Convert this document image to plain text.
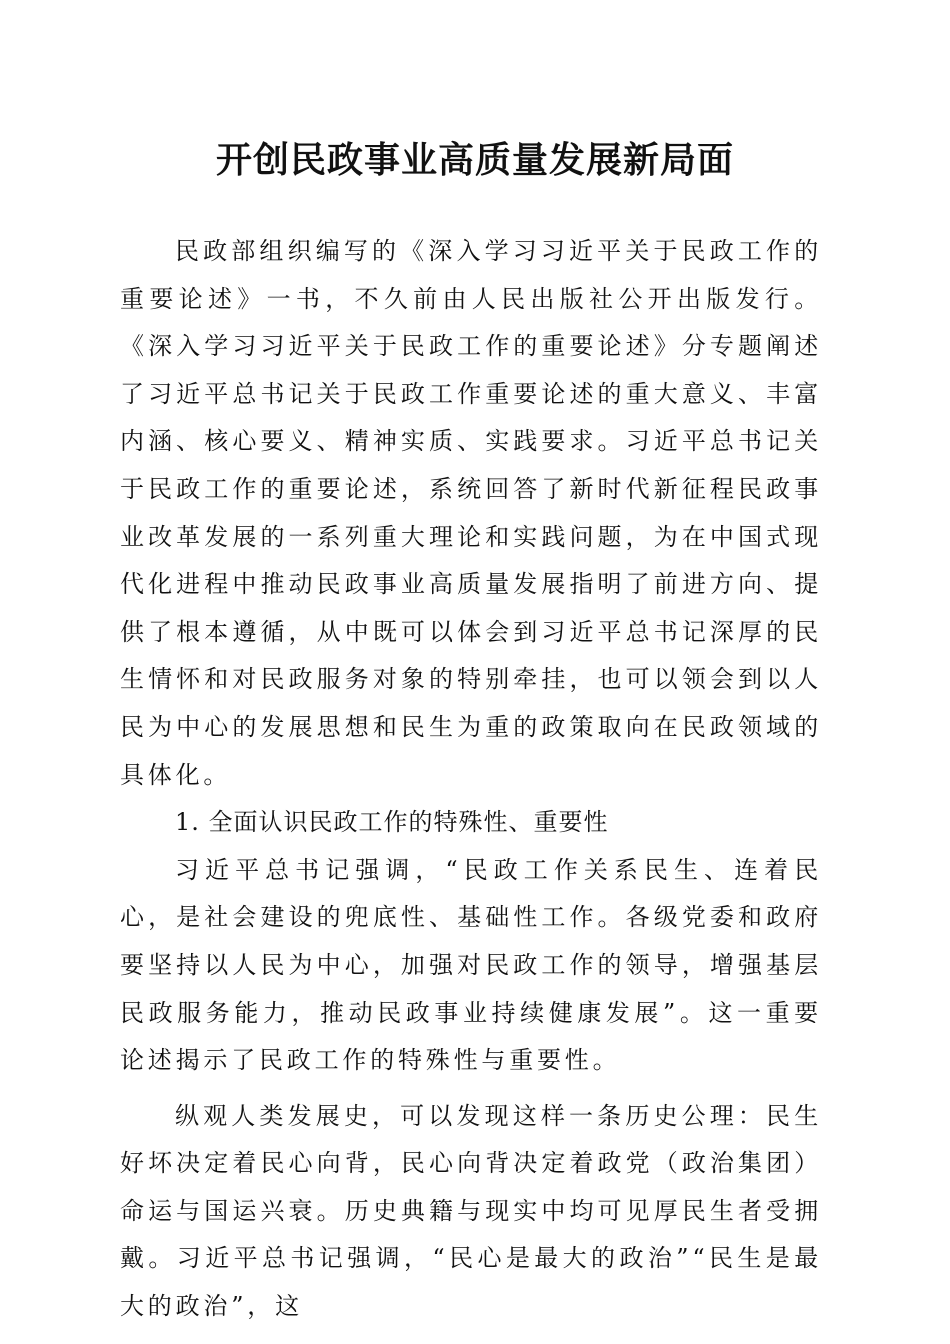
开创民政事业高质量发展新局面

民政部组织编写的《深入学习习近平关于民政工作的重要论述》一书，不久前由人民出版社公开出版发行。《深入学习习近平关于民政工作的重要论述》分专题阐述了习近平总书记关于民政工作重要论述的重大意义、丰富内涵、核心要义、精神实质、实践要求。习近平总书记关于民政工作的重要论述，系统回答了新时代新征程民政事业改革发展的一系列重大理论和实践问题，为在中国式现代化进程中推动民政事业高质量发展指明了前进方向、提供了根本遵循，从中既可以体会到习近平总书记深厚的民生情怀和对民政服务对象的特别牵挂，也可以领会到以人民为中心的发展思想和民生为重的政策取向在民政领域的具体化。

1. 全面认识民政工作的特殊性、重要性

习近平总书记强调，“民政工作关系民生、连着民心，是社会建设的兜底性、基础性工作。各级党委和政府要坚持以人民为中心，加强对民政工作的领导，增强基层民政服务能力，推动民政事业持续健康发展”。这一重要论述揭示了民政工作的特殊性与重要性。

纵观人类发展史，可以发现这样一条历史公理：民生好坏决定着民心向背，民心向背决定着政党（政治集团）命运与国运兴衰。历史典籍与现实中均可见厚民生者受拥戴。习近平总书记强调，“民心是最大的政治”“民生是最大的政治”，这
